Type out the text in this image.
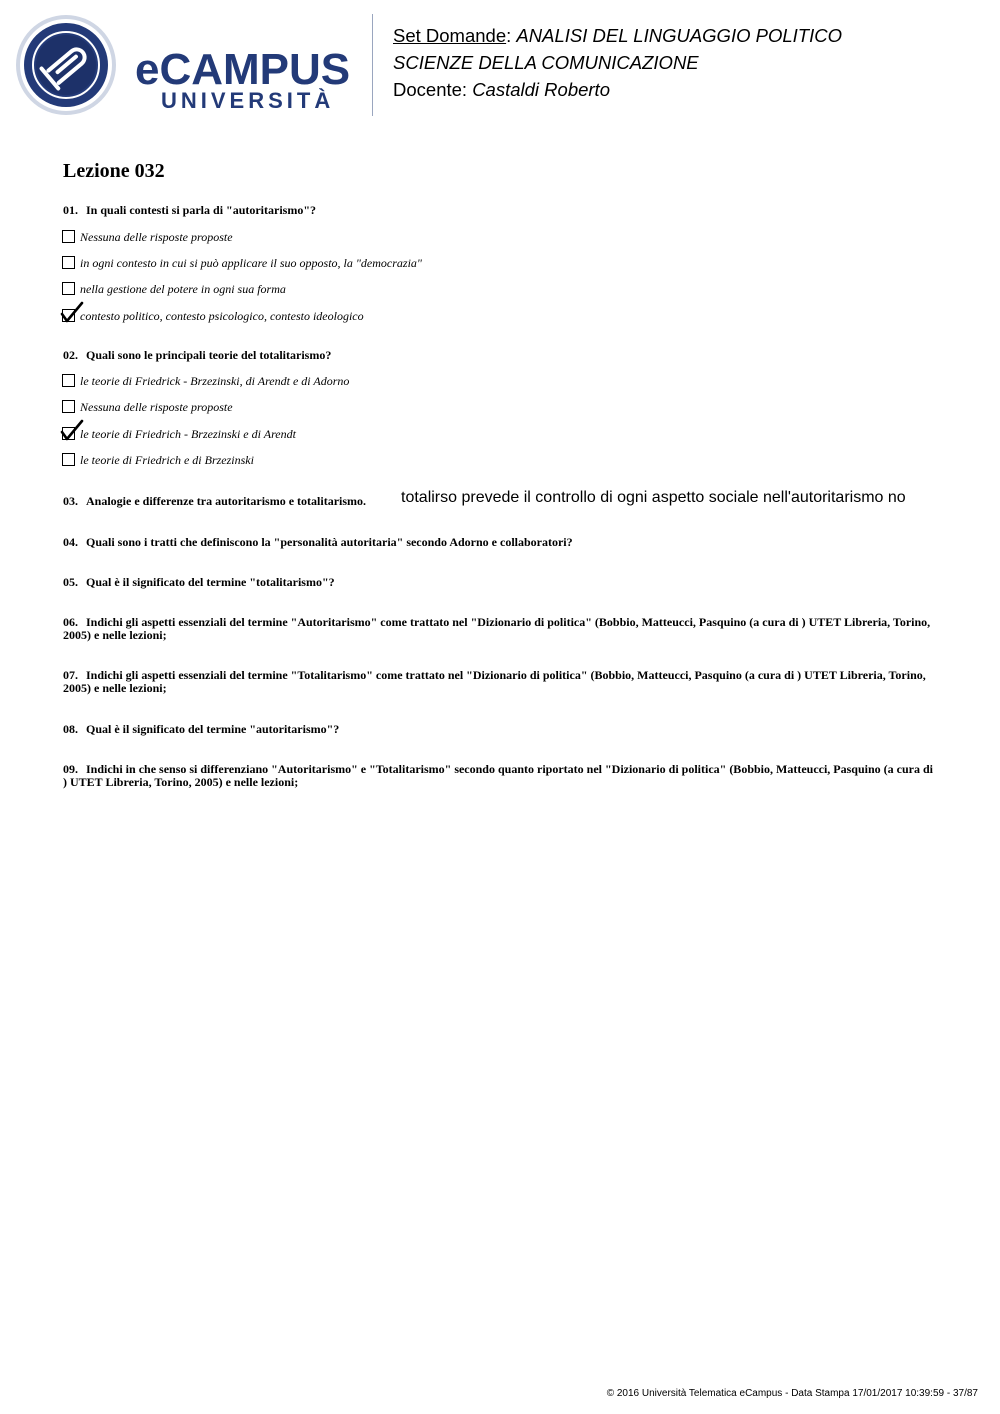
eCAMPUS
UNIVERSITÀ
Set Domande: ANALISI DEL LINGUAGGIO POLITICO
SCIENZE DELLA COMUNICAZIONE
Docente: Castaldi Roberto
Lezione 032
01. In quali contesti si parla di "autoritarismo"?
Nessuna delle risposte proposte
in ogni contesto in cui si può applicare il suo opposto, la "democrazia"
nella gestione del potere in ogni sua forma
contesto politico, contesto psicologico, contesto ideologico
02. Quali sono le principali teorie del totalitarismo?
le teorie di Friedrick - Brzezinski, di Arendt e di Adorno
Nessuna delle risposte proposte
le teorie di Friedrich - Brzezinski e di Arendt
le teorie di Friedrich e di Brzezinski
03. Analogie e differenze tra autoritarismo e totalitarismo.	totalirso prevede il controllo di ogni aspetto sociale nell'autoritarismo no
04. Quali sono i tratti che definiscono la "personalità autoritaria" secondo Adorno e collaboratori?
05. Qual è il significato del termine "totalitarismo"?
06. Indichi gli aspetti essenziali del termine "Autoritarismo" come trattato nel "Dizionario di politica" (Bobbio, Matteucci, Pasquino (a cura di ) UTET Libreria, Torino, 2005) e nelle lezioni;
07. Indichi gli aspetti essenziali del termine "Totalitarismo" come trattato nel "Dizionario di politica" (Bobbio, Matteucci, Pasquino (a cura di ) UTET Libreria, Torino, 2005) e nelle lezioni;
08. Qual è il significato del termine "autoritarismo"?
09. Indichi in che senso si differenziano "Autoritarismo" e "Totalitarismo" secondo quanto riportato nel "Dizionario di politica" (Bobbio, Matteucci, Pasquino (a cura di ) UTET Libreria, Torino, 2005) e nelle lezioni;
© 2016 Università Telematica eCampus - Data Stampa 17/01/2017 10:39:59 - 37/87
